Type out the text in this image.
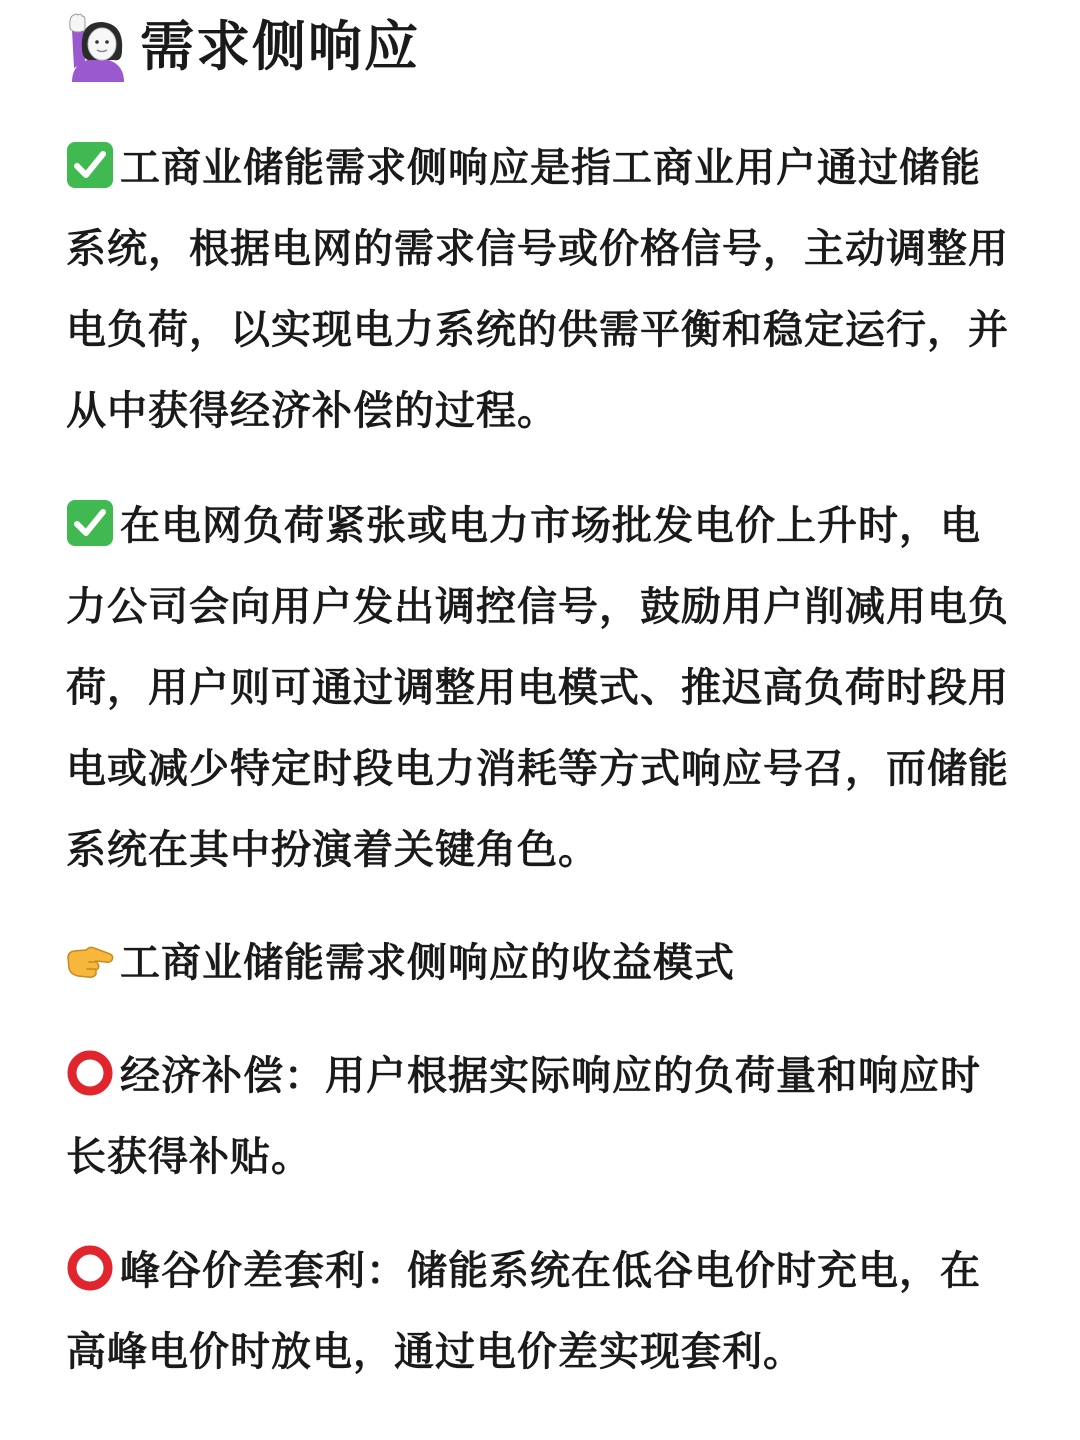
需求侧响应
工商业储能需求侧响应是指工商业用户通过储能系统，根据电网的需求信号或价格信号，主动调整用电负荷，以实现电力系统的供需平衡和稳定运行，并从中获得经济补偿的过程。
在电网负荷紧张或电力市场批发电价上升时，电力公司会向用户发出调控信号，鼓励用户削减用电负荷，用户则可通过调整用电模式、推迟高负荷时段用电或减少特定时段电力消耗等方式响应号召，而储能系统在其中扮演着关键角色。
工商业储能需求侧响应的收益模式
经济补偿：用户根据实际响应的负荷量和响应时长获得补贴。
峰谷价差套利：储能系统在低谷电价时充电，在高峰电价时放电，通过电价差实现套利。
